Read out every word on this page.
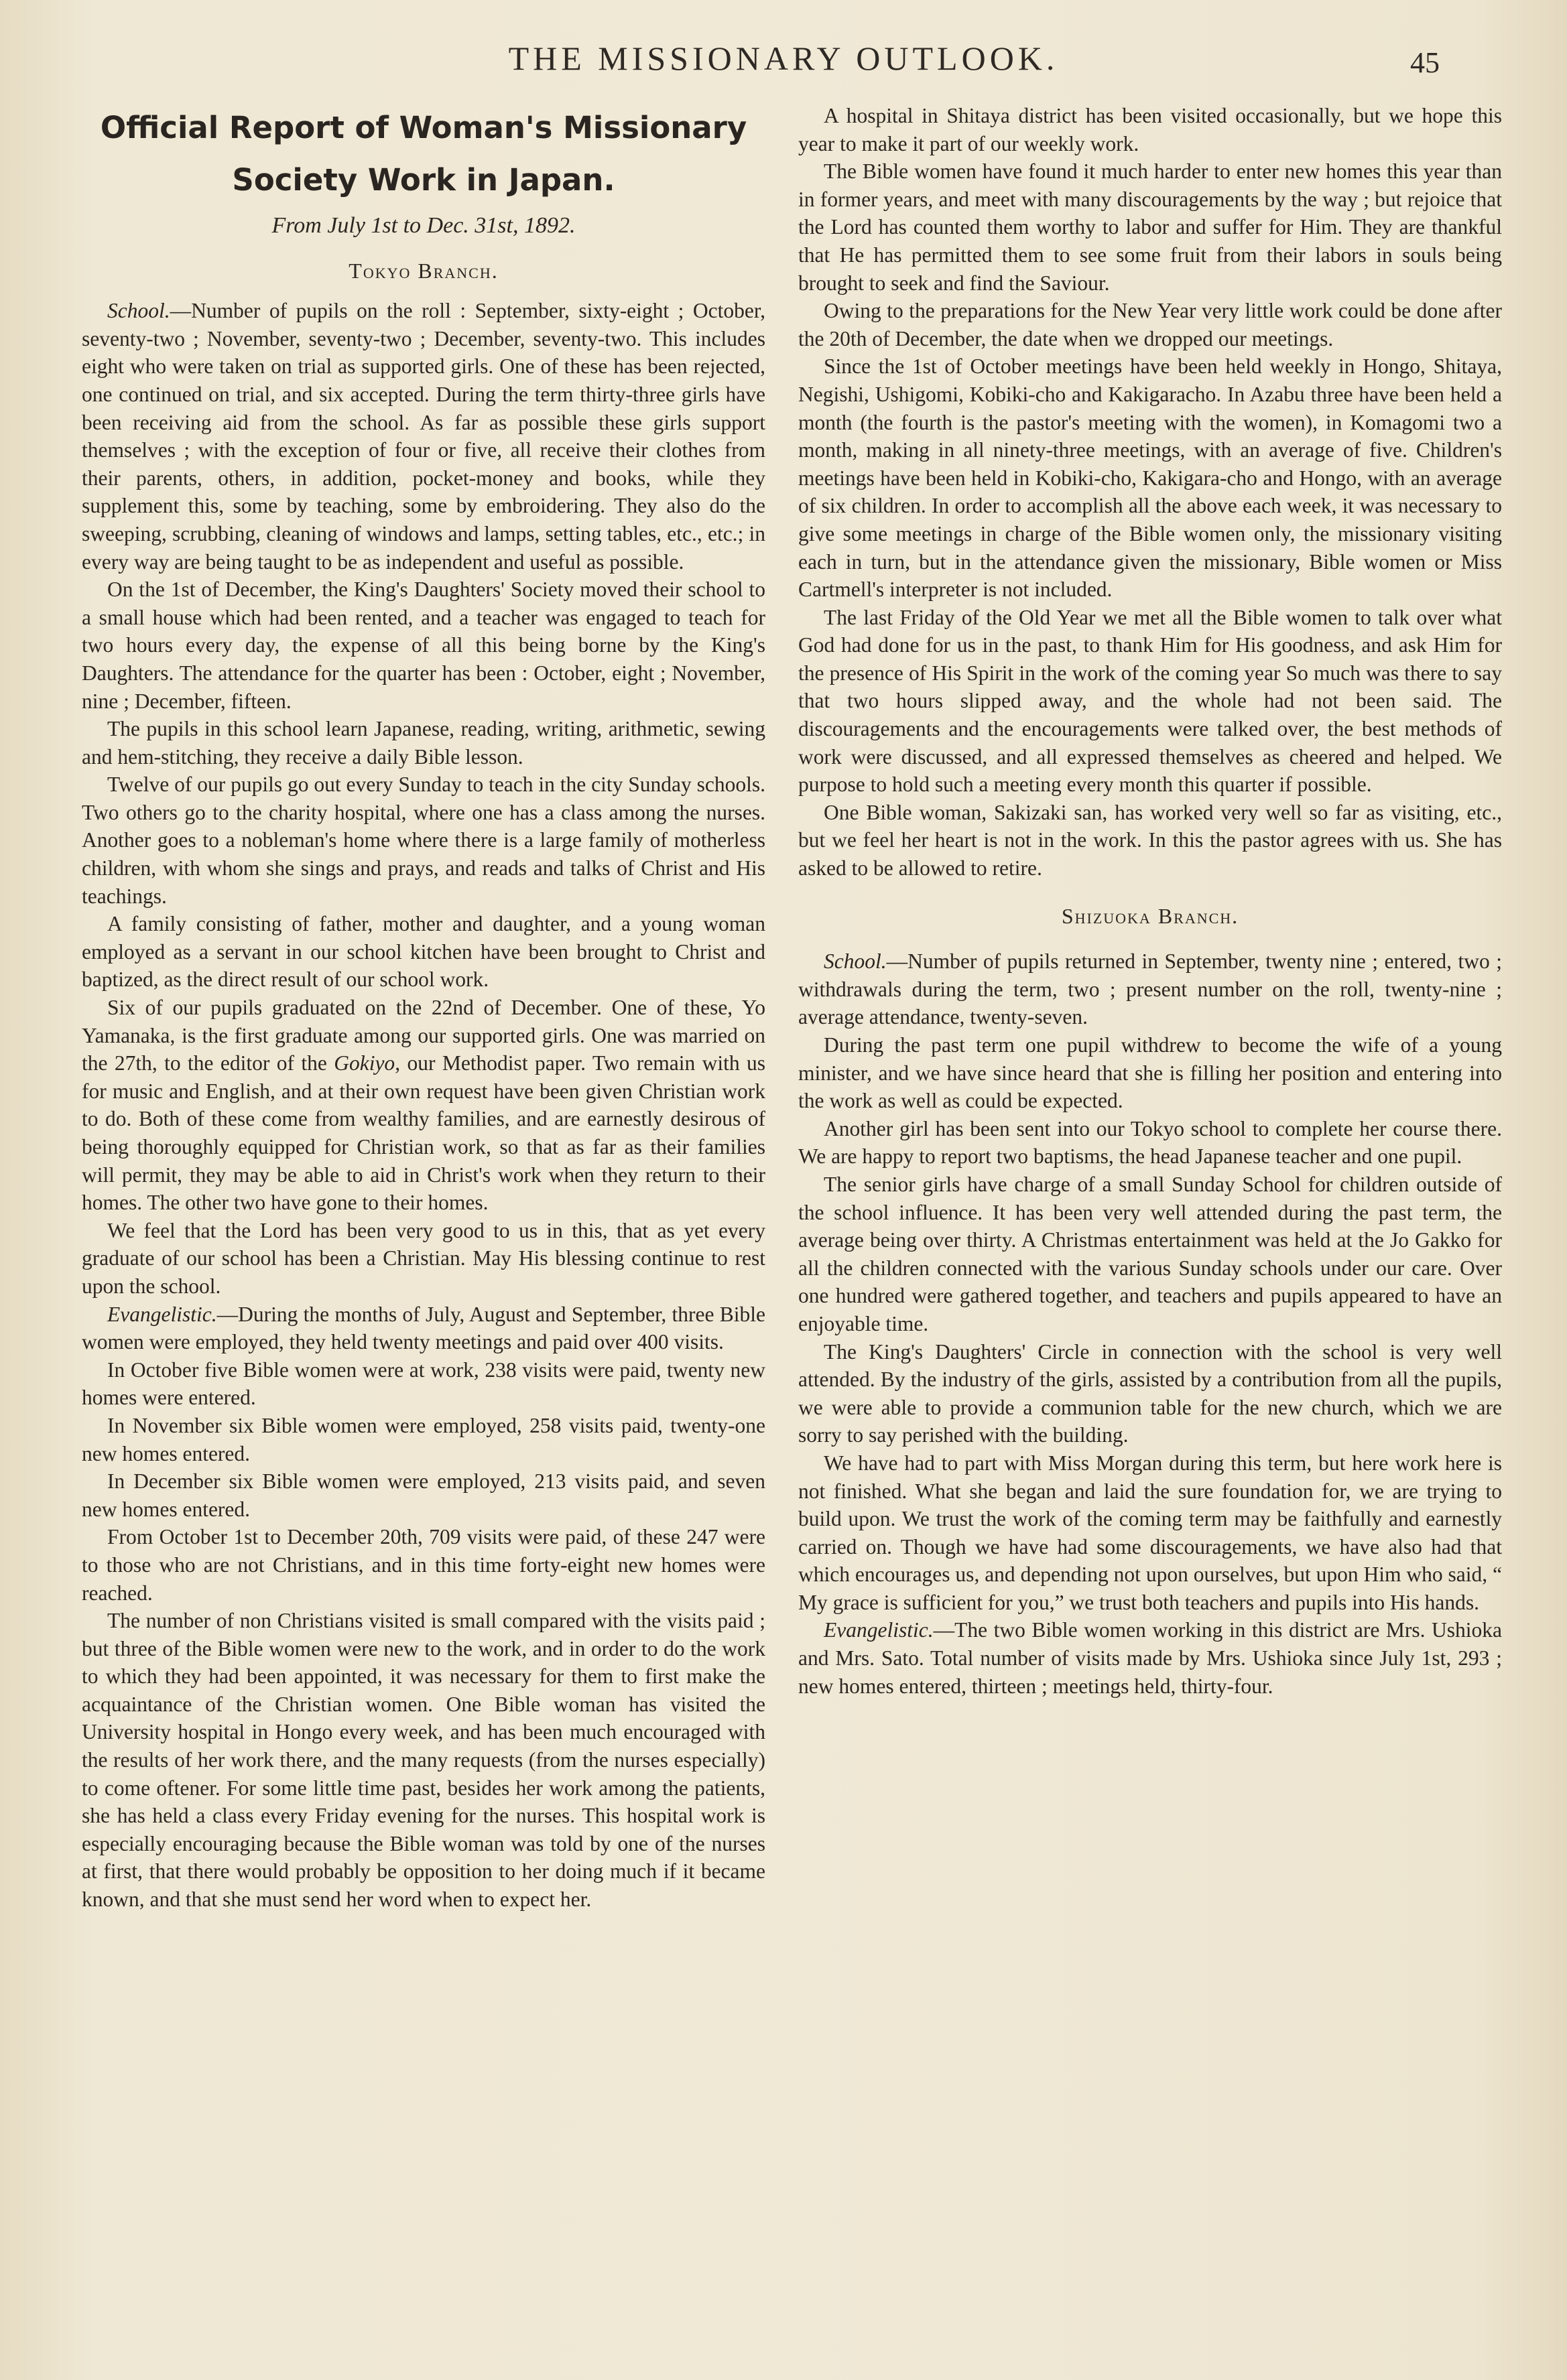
THE MISSIONARY OUTLOOK.	45
Official Report of Woman's Missionary
Society Work in Japan.
From July 1st to Dec. 31st, 1892.
Tokyo Branch.

School.—Number of pupils on the roll : September, sixty-eight ; October, seventy-two ; November, seventy-two ; December, seventy-two. This includes eight who were taken on trial as supported girls. One of these has been rejected, one continued on trial, and six accepted. During the term thirty-three girls have been receiving aid from the school. As far as possible these girls support themselves ; with the exception of four or five, all receive their clothes from their parents, others, in addition, pocket-money and books, while they supplement this, some by teaching, some by embroidering. They also do the sweeping, scrubbing, cleaning of windows and lamps, setting tables, etc., etc.; in every way are being taught to be as independent and useful as possible.

On the 1st of December, the King's Daughters' Society moved their school to a small house which had been rented, and a teacher was engaged to teach for two hours every day, the expense of all this being borne by the King's Daughters. The attendance for the quarter has been : October, eight ; November, nine ; December, fifteen.

The pupils in this school learn Japanese, reading, writing, arithmetic, sewing and hem-stitching, they receive a daily Bible lesson.

Twelve of our pupils go out every Sunday to teach in the city Sunday schools. Two others go to the charity hospital, where one has a class among the nurses. Another goes to a nobleman's home where there is a large family of motherless children, with whom she sings and prays, and reads and talks of Christ and His teachings.

A family consisting of father, mother and daughter, and a young woman employed as a servant in our school kitchen have been brought to Christ and baptized, as the direct result of our school work.

Six of our pupils graduated on the 22nd of December. One of these, Yo Yamanaka, is the first graduate among our supported girls. One was married on the 27th, to the editor of the Gokiyo, our Methodist paper. Two remain with us for music and English, and at their own request have been given Christian work to do. Both of these come from wealthy families, and are earnestly desirous of being thoroughly equipped for Christian work, so that as far as their families will permit, they may be able to aid in Christ's work when they return to their homes. The other two have gone to their homes.

We feel that the Lord has been very good to us in this, that as yet every graduate of our school has been a Christian. May His blessing continue to rest upon the school.

Evangelistic.—During the months of July, August and September, three Bible women were employed, they held twenty meetings and paid over 400 visits.

In October five Bible women were at work, 238 visits were paid, twenty new homes were entered.

In November six Bible women were employed, 258 visits paid, twenty-one new homes entered.

In December six Bible women were employed, 213 visits paid, and seven new homes entered.

From October 1st to December 20th, 709 visits were paid, of these 247 were to those who are not Christians, and in this time forty-eight new homes were reached.

The number of non Christians visited is small compared with the visits paid ; but three of the Bible women were new to the work, and in order to do the work to which they had been appointed, it was necessary for them to first make the acquaintance of the Christian women. One Bible woman has visited the University hospital in Hongo every week, and has been much encouraged with the results of her work there, and the many requests (from the nurses especially) to come oftener. For some little time past, besides her work among the patients, she has held a class every Friday evening for the nurses. This hospital work is especially encouraging because the Bible woman was told by one of the nurses at first, that there would probably be opposition to her doing much if it became known, and that she must send her word when to expect her.

A hospital in Shitaya district has been visited occasionally, but we hope this year to make it part of our weekly work.

The Bible women have found it much harder to enter new homes this year than in former years, and meet with many discouragements by the way ; but rejoice that the Lord has counted them worthy to labor and suffer for Him. They are thankful that He has permitted them to see some fruit from their labors in souls being brought to seek and find the Saviour.

Owing to the preparations for the New Year very little work could be done after the 20th of December, the date when we dropped our meetings.

Since the 1st of October meetings have been held weekly in Hongo, Shitaya, Negishi, Ushigomi, Kobiki-cho and Kakigaracho. In Azabu three have been held a month (the fourth is the pastor's meeting with the women), in Komagomi two a month, making in all ninety-three meetings, with an average of five. Children's meetings have been held in Kobiki-cho, Kakigara-cho and Hongo, with an average of six children. In order to accomplish all the above each week, it was necessary to give some meetings in charge of the Bible women only, the missionary visiting each in turn, but in the attendance given the missionary, Bible women or Miss Cartmell's interpreter is not included.

The last Friday of the Old Year we met all the Bible women to talk over what God had done for us in the past, to thank Him for His goodness, and ask Him for the presence of His Spirit in the work of the coming year So much was there to say that two hours slipped away, and the whole had not been said. The discouragements and the encouragements were talked over, the best methods of work were discussed, and all expressed themselves as cheered and helped. We purpose to hold such a meeting every month this quarter if possible.

One Bible woman, Sakizaki san, has worked very well so far as visiting, etc., but we feel her heart is not in the work. In this the pastor agrees with us. She has asked to be allowed to retire.

Shizuoka Branch.

School.—Number of pupils returned in September, twenty nine ; entered, two ; withdrawals during the term, two ; present number on the roll, twenty-nine ; average attendance, twenty-seven.

During the past term one pupil withdrew to become the wife of a young minister, and we have since heard that she is filling her position and entering into the work as well as could be expected.

Another girl has been sent into our Tokyo school to complete her course there. We are happy to report two baptisms, the head Japanese teacher and one pupil.

The senior girls have charge of a small Sunday School for children outside of the school influence. It has been very well attended during the past term, the average being over thirty. A Christmas entertainment was held at the Jo Gakko for all the children connected with the various Sunday schools under our care. Over one hundred were gathered together, and teachers and pupils appeared to have an enjoyable time.

The King's Daughters' Circle in connection with the school is very well attended. By the industry of the girls, assisted by a contribution from all the pupils, we were able to provide a communion table for the new church, which we are sorry to say perished with the building.

We have had to part with Miss Morgan during this term, but here work here is not finished. What she began and laid the sure foundation for, we are trying to build upon. We trust the work of the coming term may be faithfully and earnestly carried on. Though we have had some discouragements, we have also had that which encourages us, and depending not upon ourselves, but upon Him who said, “ My grace is sufficient for you,” we trust both teachers and pupils into His hands.

Evangelistic.—The two Bible women working in this district are Mrs. Ushioka and Mrs. Sato. Total number of visits made by Mrs. Ushioka since July 1st, 293 ; new homes entered, thirteen ; meetings held, thirty-four.
